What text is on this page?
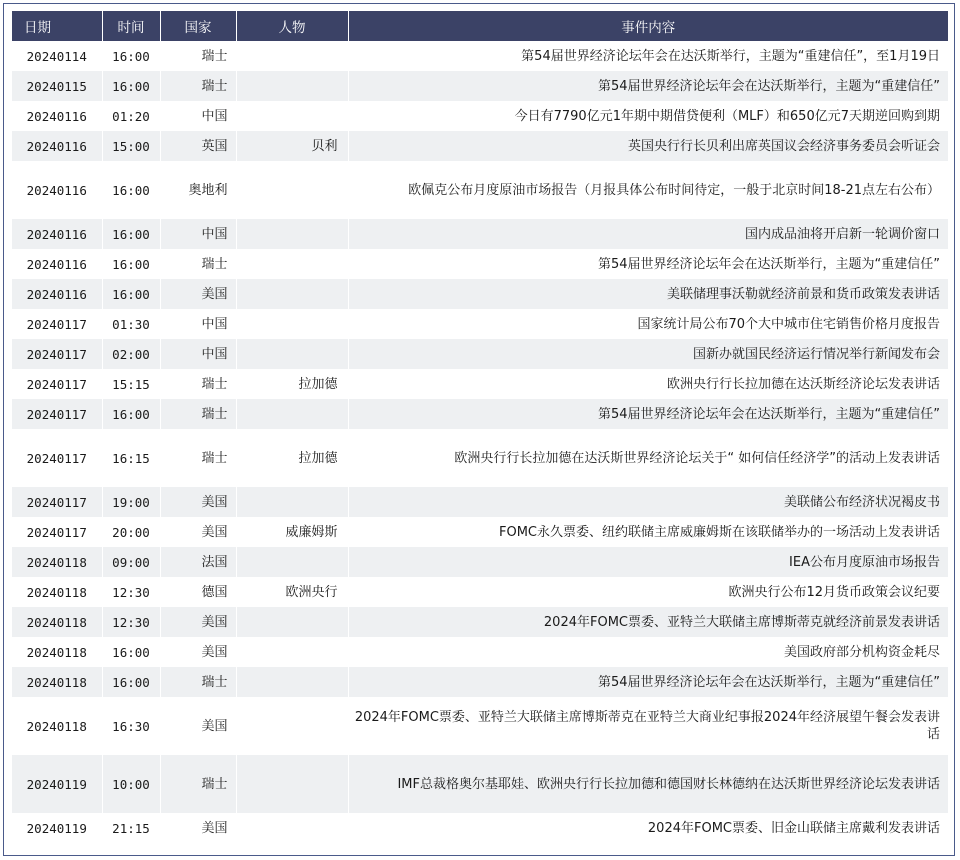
日期	时间	国家	人物	事件内容
20240114	16:00	瑞士		第54届世界经济论坛年会在达沃斯举行，主题为“重建信任”，至1月19日
20240115	16:00	瑞士		第54届世界经济论坛年会在达沃斯举行，主题为“重建信任”
20240116	01:20	中国		今日有7790亿元1年期中期借贷便利（MLF）和650亿元7天期逆回购到期
20240116	15:00	英国	贝利	英国央行行长贝利出席英国议会经济事务委员会听证会
20240116	16:00	奥地利		欧佩克公布月度原油市场报告（月报具体公布时间待定，一般于北京时间18-21点左右公布）
20240116	16:00	中国		国内成品油将开启新一轮调价窗口
20240116	16:00	瑞士		第54届世界经济论坛年会在达沃斯举行，主题为“重建信任”
20240116	16:00	美国		美联储理事沃勒就经济前景和货币政策发表讲话
20240117	01:30	中国		国家统计局公布70个大中城市住宅销售价格月度报告
20240117	02:00	中国		国新办就国民经济运行情况举行新闻发布会
20240117	15:15	瑞士	拉加德	欧洲央行行长拉加德在达沃斯经济论坛发表讲话
20240117	16:00	瑞士		第54届世界经济论坛年会在达沃斯举行，主题为“重建信任”
20240117	16:15	瑞士	拉加德	欧洲央行行长拉加德在达沃斯世界经济论坛关于“ 如何信任经济学”的活动上发表讲话
20240117	19:00	美国		美联储公布经济状况褐皮书
20240117	20:00	美国	威廉姆斯	FOMC永久票委、纽约联储主席威廉姆斯在该联储举办的一场活动上发表讲话
20240118	09:00	法国		IEA公布月度原油市场报告
20240118	12:30	德国	欧洲央行	欧洲央行公布12月货币政策会议纪要
20240118	12:30	美国		2024年FOMC票委、亚特兰大联储主席博斯蒂克就经济前景发表讲话
20240118	16:00	美国		美国政府部分机构资金耗尽
20240118	16:00	瑞士		第54届世界经济论坛年会在达沃斯举行，主题为“重建信任”
20240118	16:30	美国		2024年FOMC票委、亚特兰大联储主席博斯蒂克在亚特兰大商业纪事报2024年经济展望午餐会发表讲话
20240119	10:00	瑞士		IMF总裁格奥尔基耶娃、欧洲央行行长拉加德和德国财长林德纳在达沃斯世界经济论坛发表讲话
20240119	21:15	美国		2024年FOMC票委、旧金山联储主席戴利发表讲话
